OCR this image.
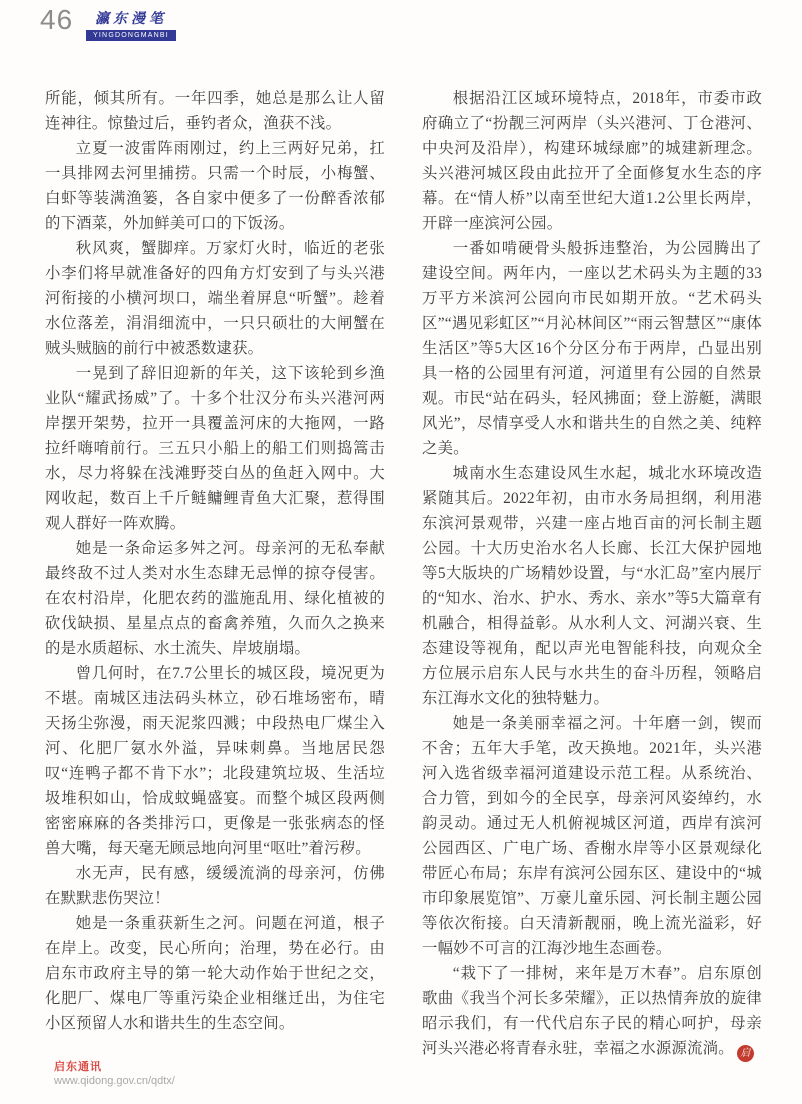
46	瀛东漫笔
YINGDONGMANBI

所能，倾其所有。一年四季，她总是那么让人留连神往。惊蛰过后，垂钓者众，渔获不浅。

立夏一波雷阵雨刚过，约上三两好兄弟，扛一具排网去河里捕捞。只需一个时辰，小梅蟹、白虾等装满渔篓，各自家中便多了一份醉香浓郁的下酒菜，外加鲜美可口的下饭汤。

秋风爽，蟹脚痒。万家灯火时，临近的老张小李们将早就准备好的四角方灯安到了与头兴港河衔接的小横河坝口，端坐着屏息“听蟹”。趁着水位落差，涓涓细流中，一只只硕壮的大闸蟹在贼头贼脑的前行中被悉数逮获。

一晃到了辞旧迎新的年关，这下该轮到乡渔业队“耀武扬威”了。十多个壮汉分布头兴港河两岸摆开架势，拉开一具覆盖河床的大拖网，一路拉纤嗨唷前行。三五只小船上的船工们则捣篙击水，尽力将躲在浅滩野茭白丛的鱼赶入网中。大网收起，数百上千斤鲢鳙鲤青鱼大汇聚，惹得围观人群好一阵欢腾。

她是一条命运多舛之河。母亲河的无私奉献最终敌不过人类对水生态肆无忌惮的掠夺侵害。在农村沿岸，化肥农药的滥施乱用、绿化植被的砍伐缺损、星星点点的畜禽养殖，久而久之换来的是水质超标、水土流失、岸坡崩塌。

曾几何时，在7.7公里长的城区段，境况更为不堪。南城区违法码头林立，砂石堆场密布，晴天扬尘弥漫，雨天泥浆四溅；中段热电厂煤尘入河、化肥厂氨水外溢，异味刺鼻。当地居民怨叹“连鸭子都不肯下水”；北段建筑垃圾、生活垃圾堆积如山，恰成蚊蝇盛宴。而整个城区段两侧密密麻麻的各类排污口，更像是一张张病态的怪兽大嘴，每天毫无顾忌地向河里“呕吐”着污秽。

水无声，民有感，缓缓流淌的母亲河，仿佛在默默悲伤哭泣！

她是一条重获新生之河。问题在河道，根子在岸上。改变，民心所向；治理，势在必行。由启东市政府主导的第一轮大动作始于世纪之交，化肥厂、煤电厂等重污染企业相继迁出，为住宅小区预留人水和谐共生的生态空间。

根据沿江区域环境特点，2018年，市委市政府确立了“扮靓三河两岸（头兴港河、丁仓港河、中央河及沿岸），构建环城绿廊”的城建新理念。头兴港河城区段由此拉开了全面修复水生态的序幕。在“情人桥”以南至世纪大道1.2公里长两岸，开辟一座滨河公园。

一番如啃硬骨头般拆违整治，为公园腾出了建设空间。两年内，一座以艺术码头为主题的33万平方米滨河公园向市民如期开放。“艺术码头区”“遇见彩虹区”“月沁林间区”“雨云智慧区”“康体生活区”等5大区16个分区分布于两岸，凸显出别具一格的公园里有河道，河道里有公园的自然景观。市民“站在码头，轻风拂面；登上游艇，满眼风光”，尽情享受人水和谐共生的自然之美、纯粹之美。

城南水生态建设风生水起，城北水环境改造紧随其后。2022年初，由市水务局担纲，利用港东滨河景观带，兴建一座占地百亩的河长制主题公园。十大历史治水名人长廊、长江大保护园地等5大版块的广场精妙设置，与“水汇岛”室内展厅的“知水、治水、护水、秀水、亲水”等5大篇章有机融合，相得益彰。从水利人文、河湖兴衰、生态建设等视角，配以声光电智能科技，向观众全方位展示启东人民与水共生的奋斗历程，领略启东江海水文化的独特魅力。

她是一条美丽幸福之河。十年磨一剑，锲而不舍；五年大手笔，改天换地。2021年，头兴港河入选省级幸福河道建设示范工程。从系统治、合力管，到如今的全民享，母亲河风姿绰约，水韵灵动。通过无人机俯视城区河道，西岸有滨河公园西区、广电广场、香榭水岸等小区景观绿化带匠心布局；东岸有滨河公园东区、建设中的“城市印象展览馆”、万豪儿童乐园、河长制主题公园等依次衔接。白天清新靓丽，晚上流光溢彩，好一幅妙不可言的江海沙地生态画卷。

“栽下了一排树，来年是万木春”。启东原创歌曲《我当个河长多荣耀》，正以热情奔放的旋律昭示我们，有一代代启东子民的精心呵护，母亲河头兴港必将青春永驻，幸福之水源源流淌。 启

启东通讯
www.qidong.gov.cn/qdtx/
